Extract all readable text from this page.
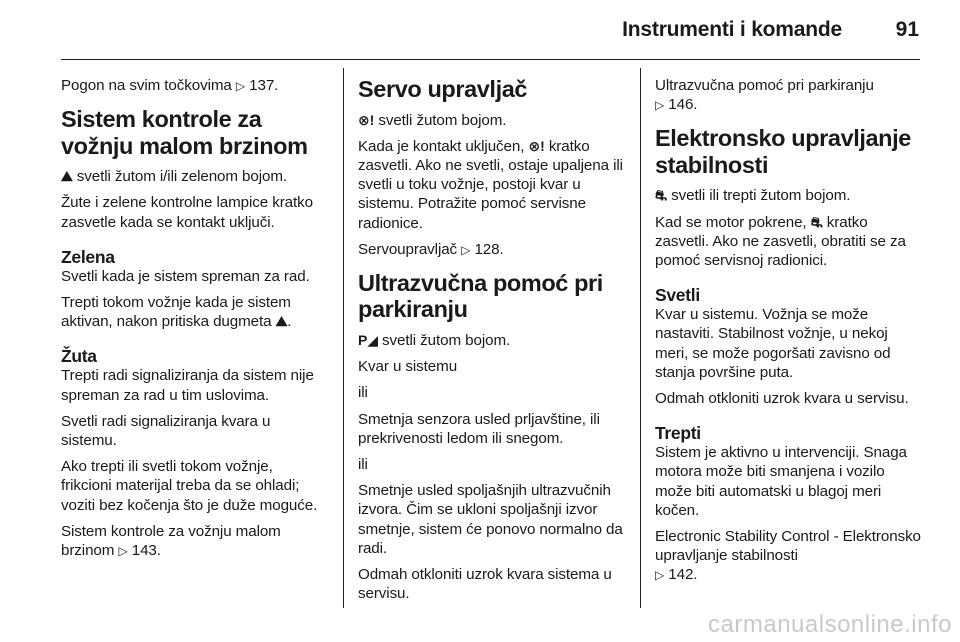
Instrumenti i komande	91

Pogon na svim točkovima ▷ 137.

Sistem kontrole za vožnju malom brzinom

⛰ svetli žutom i/ili zelenom bojom.

Žute i zelene kontrolne lampice kratko zasvetle kada se kontakt uključi.

Zelena

Svetli kada je sistem spreman za rad.

Trepti tokom vožnje kada je sistem aktivan, nakon pritiska dugmeta ⛰.

Žuta

Trepti radi signaliziranja da sistem nije spreman za rad u tim uslovima.

Svetli radi signaliziranja kvara u sistemu.

Ako trepti ili svetli tokom vožnje, frikcioni materijal treba da se ohladi; voziti bez kočenja što je duže moguće.

Sistem kontrole za vožnju malom brzinom ▷ 143.

Servo upravljač

⊗! svetli žutom bojom.

Kada je kontakt uključen, ⊗! kratko zasvetli. Ako ne svetli, ostaje upaljena ili svetli u toku vožnje, postoji kvar u sistemu. Potražite pomoć servisne radionice.

Servoupravljač ▷ 128.

Ultrazvučna pomoć pri parkiranju

P◢ svetli žutom bojom.

Kvar u sistemu

ili

Smetnja senzora usled prljavštine, ili prekrivenosti ledom ili snegom.

ili

Smetnje usled spoljašnjih ultrazvučnih izvora. Čim se ukloni spoljašnji izvor smetnje, sistem će ponovo normalno da radi.

Odmah otkloniti uzrok kvara sistema u servisu.

Ultrazvučna pomoć pri parkiranju
▷ 146.

Elektronsko upravljanje stabilnosti

⛐ svetli ili trepti žutom bojom.

Kad se motor pokrene, ⛐ kratko zasvetli. Ako ne zasvetli, obratiti se za pomoć servisnoj radionici.

Svetli

Kvar u sistemu. Vožnja se može nastaviti. Stabilnost vožnje, u nekoj meri, se može pogoršati zavisno od stanja površine puta.

Odmah otkloniti uzrok kvara u servisu.

Trepti

Sistem je aktivno u intervenciji. Snaga motora može biti smanjena i vozilo može biti automatski u blagoj meri kočen.

Electronic Stability Control - Elektronsko upravljanje stabilnosti
▷ 142.

carmanualsonline.info
